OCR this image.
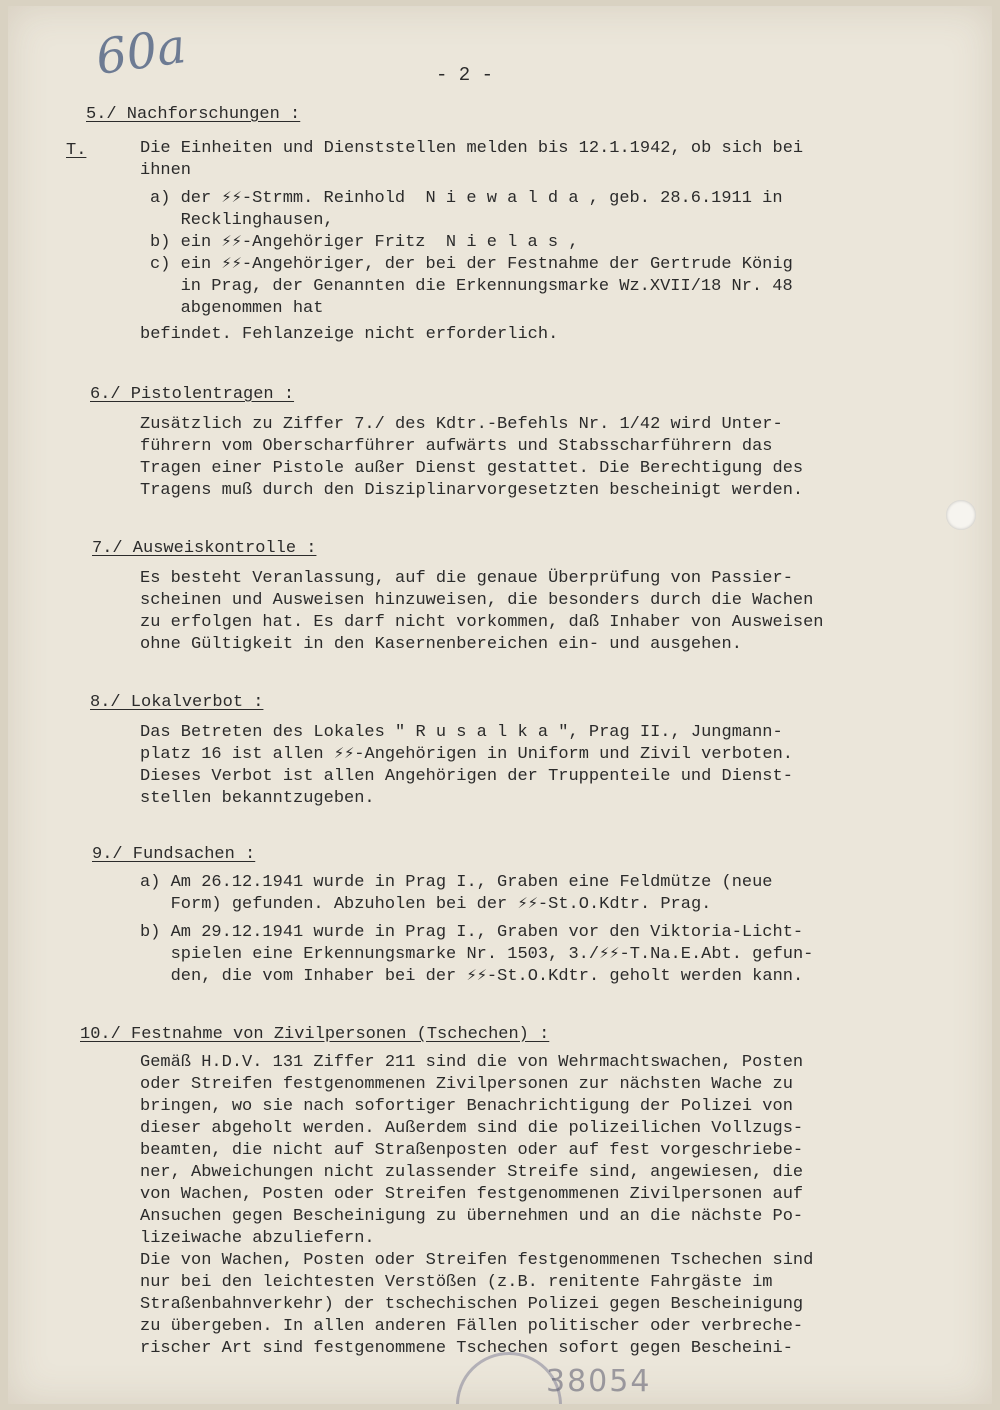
60a	- 2 -
5./ Nachforschungen :
T.	Die Einheiten und Dienststellen melden bis 12.1.1942, ob sich bei
ihnen
a) der ⚡⚡-Strmm. Reinhold  N i e w a l d a , geb. 28.6.1911 in
Recklinghausen,
b) ein ⚡⚡-Angehöriger Fritz  N i e l a s ,
c) ein ⚡⚡-Angehöriger, der bei der Festnahme der Gertrude König
in Prag, der Genannten die Erkennungsmarke Wz.XVII/18 Nr. 48
abgenommen hat
befindet. Fehlanzeige nicht erforderlich.
6./ Pistolentragen :
Zusätzlich zu Ziffer 7./ des Kdtr.-Befehls Nr. 1/42 wird Unter-
führern vom Oberscharführer aufwärts und Stabsscharführern das
Tragen einer Pistole außer Dienst gestattet. Die Berechtigung des
Tragens muß durch den Disziplinarvorgesetzten bescheinigt werden.
7./ Ausweiskontrolle :
Es besteht Veranlassung, auf die genaue Überprüfung von Passier-
scheinen und Ausweisen hinzuweisen, die besonders durch die Wachen
zu erfolgen hat. Es darf nicht vorkommen, daß Inhaber von Ausweisen
ohne Gültigkeit in den Kasernenbereichen ein- und ausgehen.
8./ Lokalverbot :
Das Betreten des Lokales " R u s a l k a ", Prag II., Jungmann-
platz 16 ist allen ⚡⚡-Angehörigen in Uniform und Zivil verboten.
Dieses Verbot ist allen Angehörigen der Truppenteile und Dienst-
stellen bekanntzugeben.
9./ Fundsachen :
a) Am 26.12.1941 wurde in Prag I., Graben eine Feldmütze (neue
Form) gefunden. Abzuholen bei der ⚡⚡-St.O.Kdtr. Prag.
b) Am 29.12.1941 wurde in Prag I., Graben vor den Viktoria-Licht-
spielen eine Erkennungsmarke Nr. 1503, 3./⚡⚡-T.Na.E.Abt. gefun-
den, die vom Inhaber bei der ⚡⚡-St.O.Kdtr. geholt werden kann.
10./ Festnahme von Zivilpersonen (Tschechen) :
Gemäß H.D.V. 131 Ziffer 211 sind die von Wehrmachtswachen, Posten
oder Streifen festgenommenen Zivilpersonen zur nächsten Wache zu
bringen, wo sie nach sofortiger Benachrichtigung der Polizei von
dieser abgeholt werden. Außerdem sind die polizeilichen Vollzugs-
beamten, die nicht auf Straßenposten oder auf fest vorgeschriebe-
ner, Abweichungen nicht zulassender Streife sind, angewiesen, die
von Wachen, Posten oder Streifen festgenommenen Zivilpersonen auf
Ansuchen gegen Bescheinigung zu übernehmen und an die nächste Po-
lizeiwache abzuliefern.
Die von Wachen, Posten oder Streifen festgenommenen Tschechen sind
nur bei den leichtesten Verstößen (z.B. renitente Fahrgäste im
Straßenbahnverkehr) der tschechischen Polizei gegen Bescheinigung
zu übergeben. In allen anderen Fällen politischer oder verbreche-
rischer Art sind festgenommene Tschechen sofort gegen Bescheini-
38054
